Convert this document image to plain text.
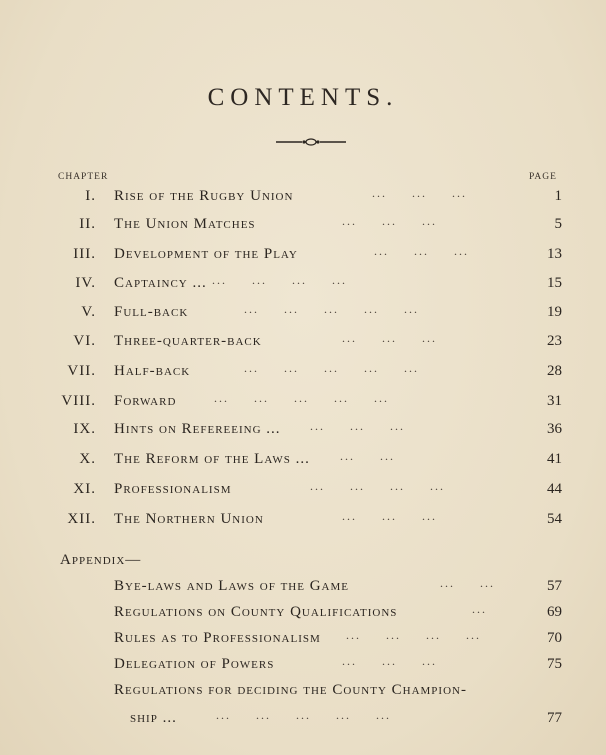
CONTENTS.
CHAPTER	PAGE
I. Rise of the Rugby Union	...     ...     ...	1
II. The Union Matches	...     ...     ...	5
III. Development of the Play	...     ...     ...	13
IV. Captaincy ... ...     ...     ...     ...	15
V. Full-back	...     ...     ...     ...     ...	19
VI. Three-quarter-back	...     ...     ...	23
VII. Half-back	...     ...     ...     ...     ...	28
VIII. Forward	...     ...     ...     ...     ...	31
IX. Hints on Refereeing ... ...     ...     ...	36
X. The Reform of the Laws ...	...     ...	41
XI. Professionalism	...     ...     ...     ...	44
XII. The Northern Union	...     ...     ...	54
Appendix—
Bye-laws and Laws of the Game	...     ...	57
Regulations on County Qualifications	...	69
Rules as to Professionalism ...     ...     ...     ...	70
Delegation of Powers	...     ...     ...	75
Regulations for deciding the County Champion-
ship ...	...     ...     ...     ...     ...	77
